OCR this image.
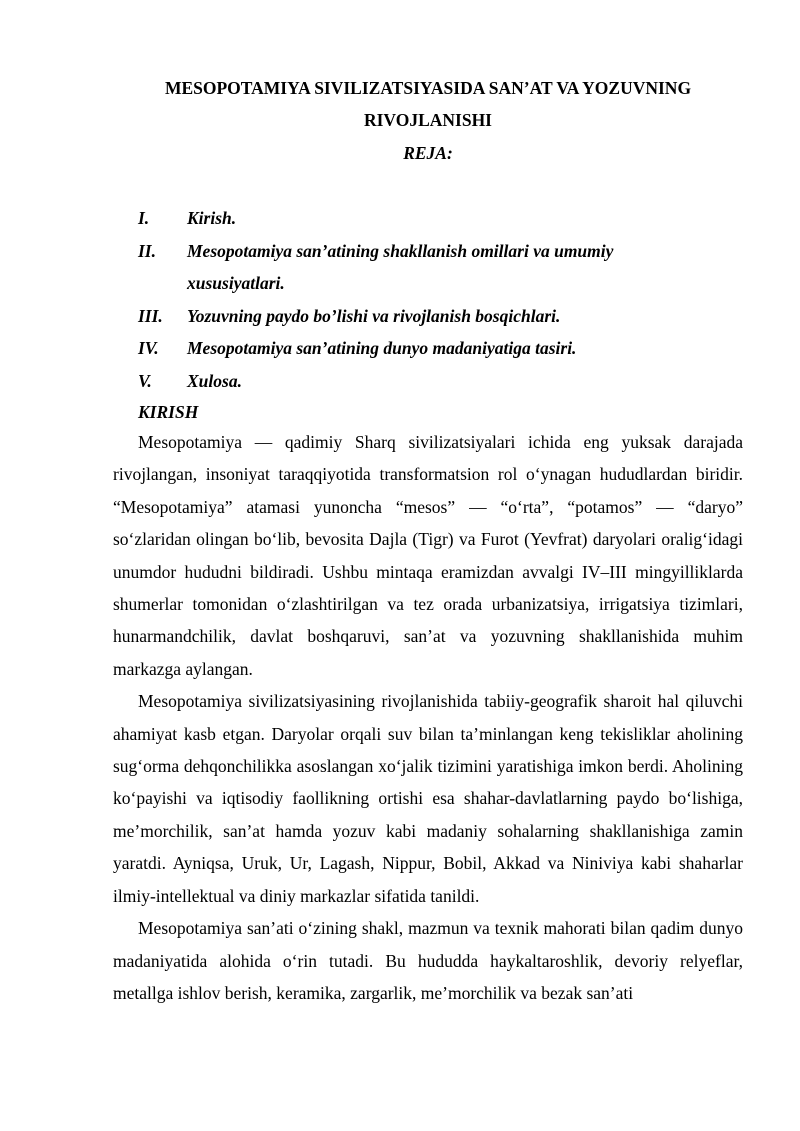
MESOPOTAMIYA SIVILIZATSIYASIDA SAN’AT VA YOZUVNING

RIVOJLANISHI

REJA:

I.	Kirish.
II.	Mesopotamiya san’atining shakllanish omillari va umumiy xususiyatlari.
III.	Yozuvning paydo bo’lishi va rivojlanish bosqichlari.
IV.	Mesopotamiya san’atining dunyo madaniyatiga tasiri.
V.	Xulosa.

KIRISH

Mesopotamiya — qadimiy Sharq sivilizatsiyalari ichida eng yuksak darajada rivojlangan, insoniyat taraqqiyotida transformatsion rol o‘ynagan hududlardan biridir. “Mesopotamiya” atamasi yunoncha “mesos” — “o‘rta”, “potamos” — “daryo” so‘zlaridan olingan bo‘lib, bevosita Dajla (Tigr) va Furot (Yevfrat) daryolari oralig‘idagi unumdor hududni bildiradi. Ushbu mintaqa eramizdan avvalgi IV–III mingyilliklarda shumerlar tomonidan o‘zlashtirilgan va tez orada urbanizatsiya, irrigatsiya tizimlari, hunarmandchilik, davlat boshqaruvi, san’at va yozuvning shakllanishida muhim markazga aylangan.

Mesopotamiya sivilizatsiyasining rivojlanishida tabiiy-geografik sharoit hal qiluvchi ahamiyat kasb etgan. Daryolar orqali suv bilan ta’minlangan keng tekisliklar aholining sug‘orma dehqonchilikka asoslangan xo‘jalik tizimini yaratishiga imkon berdi. Aholining ko‘payishi va iqtisodiy faollikning ortishi esa shahar-davlatlarning paydo bo‘lishiga, me’morchilik, san’at hamda yozuv kabi madaniy sohalarning shakllanishiga zamin yaratdi. Ayniqsa, Uruk, Ur, Lagash, Nippur, Bobil, Akkad va Niniviya kabi shaharlar ilmiy-intellektual va diniy markazlar sifatida tanildi.

Mesopotamiya san’ati o‘zining shakl, mazmun va texnik mahorati bilan qadim dunyo madaniyatida alohida o‘rin tutadi. Bu hududda haykaltaroshlik, devoriy relyeflar, metallga ishlov berish, keramika, zargarlik, me’morchilik va bezak san’ati
